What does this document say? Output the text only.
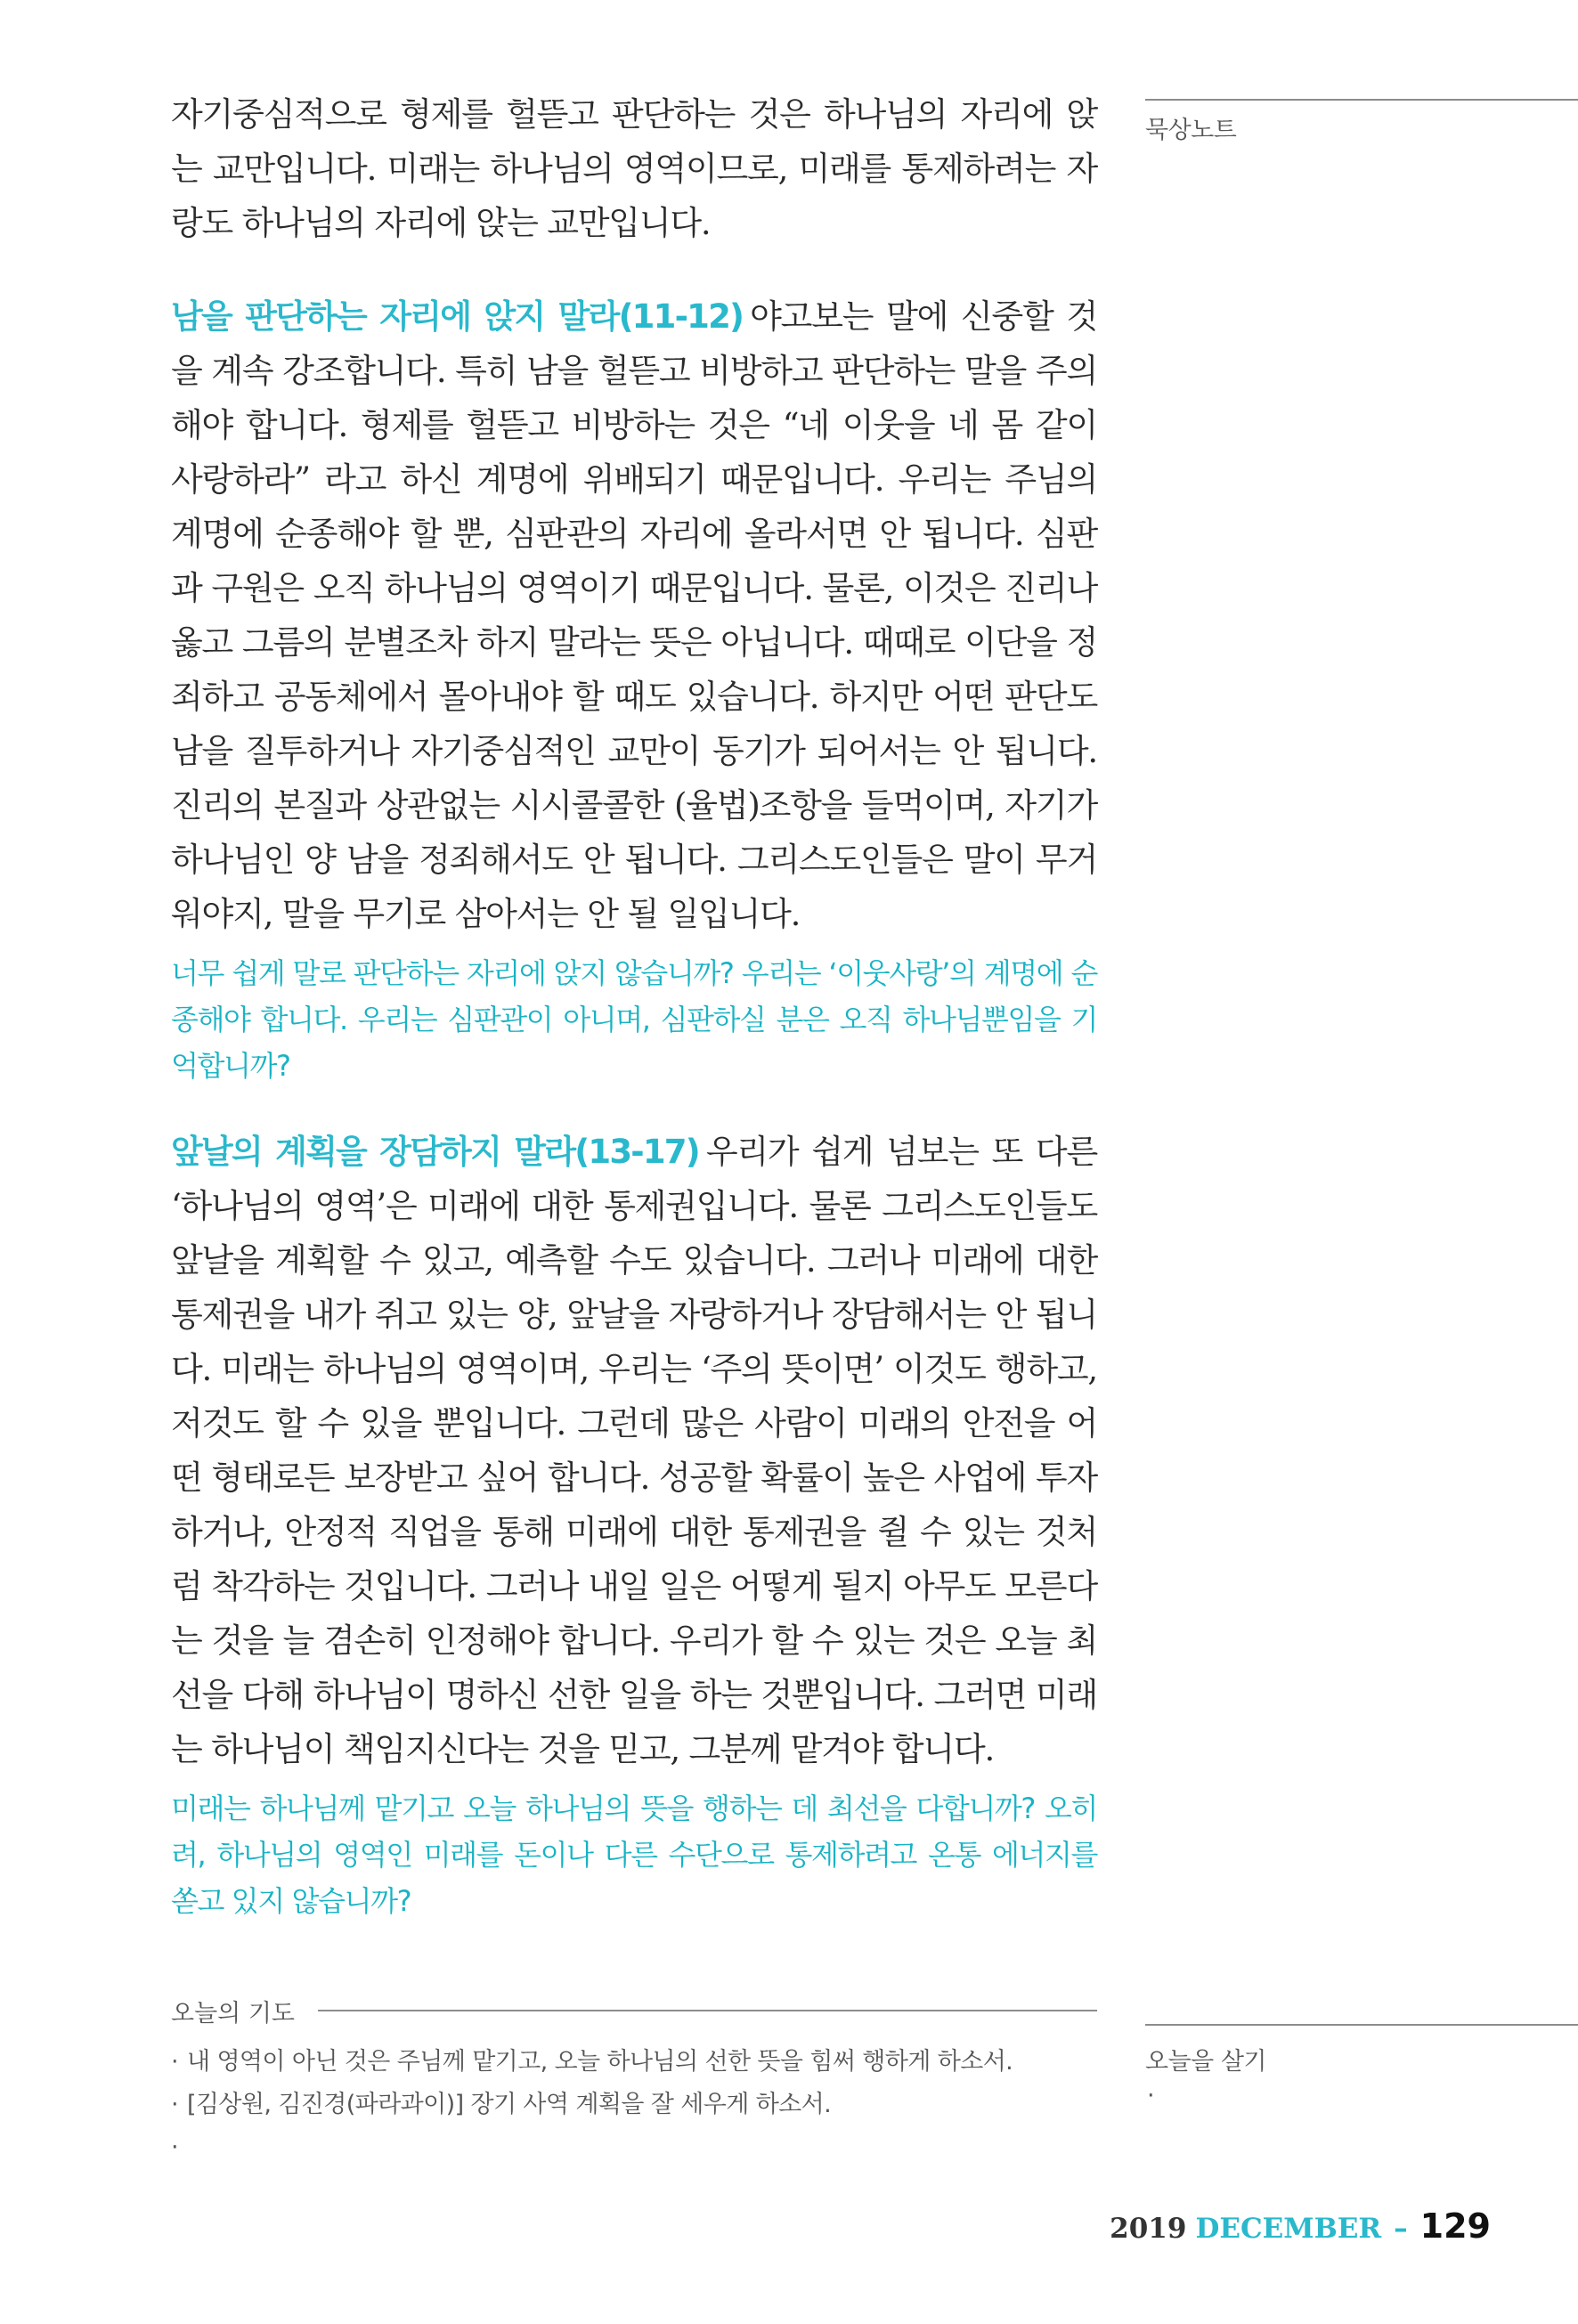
묵상노트

자기중심적으로 형제를 헐뜯고 판단하는 것은 하나님의 자리에 앉는 교만입니다. 미래는 하나님의 영역이므로, 미래를 통제하려는 자랑도 하나님의 자리에 앉는 교만입니다.

남을 판단하는 자리에 앉지 말라(11-12) 야고보는 말에 신중할 것을 계속 강조합니다. 특히 남을 헐뜯고 비방하고 판단하는 말을 주의해야 합니다. 형제를 헐뜯고 비방하는 것은 “네 이웃을 네 몸 같이 사랑하라” 라고 하신 계명에 위배되기 때문입니다. 우리는 주님의 계명에 순종해야 할 뿐, 심판관의 자리에 올라서면 안 됩니다. 심판과 구원은 오직 하나님의 영역이기 때문입니다. 물론, 이것은 진리나 옳고 그름의 분별조차 하지 말라는 뜻은 아닙니다. 때때로 이단을 정죄하고 공동체에서 몰아내야 할 때도 있습니다. 하지만 어떤 판단도 남을 질투하거나 자기중심적인 교만이 동기가 되어서는 안 됩니다. 진리의 본질과 상관없는 시시콜콜한 (율법)조항을 들먹이며, 자기가 하나님인 양 남을 정죄해서도 안 됩니다. 그리스도인들은 말이 무거워야지, 말을 무기로 삼아서는 안 될 일입니다.

너무 쉽게 말로 판단하는 자리에 앉지 않습니까? 우리는 ‘이웃사랑’의 계명에 순종해야 합니다. 우리는 심판관이 아니며, 심판하실 분은 오직 하나님뿐임을 기억합니까?

앞날의 계획을 장담하지 말라(13-17) 우리가 쉽게 넘보는 또 다른 ‘하나님의 영역’은 미래에 대한 통제권입니다. 물론 그리스도인들도 앞날을 계획할 수 있고, 예측할 수도 있습니다. 그러나 미래에 대한 통제권을 내가 쥐고 있는 양, 앞날을 자랑하거나 장담해서는 안 됩니다. 미래는 하나님의 영역이며, 우리는 ‘주의 뜻이면’ 이것도 행하고, 저것도 할 수 있을 뿐입니다. 그런데 많은 사람이 미래의 안전을 어떤 형태로든 보장받고 싶어 합니다. 성공할 확률이 높은 사업에 투자하거나, 안정적 직업을 통해 미래에 대한 통제권을 쥘 수 있는 것처럼 착각하는 것입니다. 그러나 내일 일은 어떻게 될지 아무도 모른다는 것을 늘 겸손히 인정해야 합니다. 우리가 할 수 있는 것은 오늘 최선을 다해 하나님이 명하신 선한 일을 하는 것뿐입니다. 그러면 미래는 하나님이 책임지신다는 것을 믿고, 그분께 맡겨야 합니다.

미래는 하나님께 맡기고 오늘 하나님의 뜻을 행하는 데 최선을 다합니까? 오히려, 하나님의 영역인 미래를 돈이나 다른 수단으로 통제하려고 온통 에너지를 쏟고 있지 않습니까?

오늘의 기도
· 내 영역이 아닌 것은 주님께 맡기고, 오늘 하나님의 선한 뜻을 힘써 행하게 하소서.
· [김상원, 김진경(파라과이)] 장기 사역 계획을 잘 세우게 하소서.
·
오늘을 살기
·
2019 DECEMBER – 129
